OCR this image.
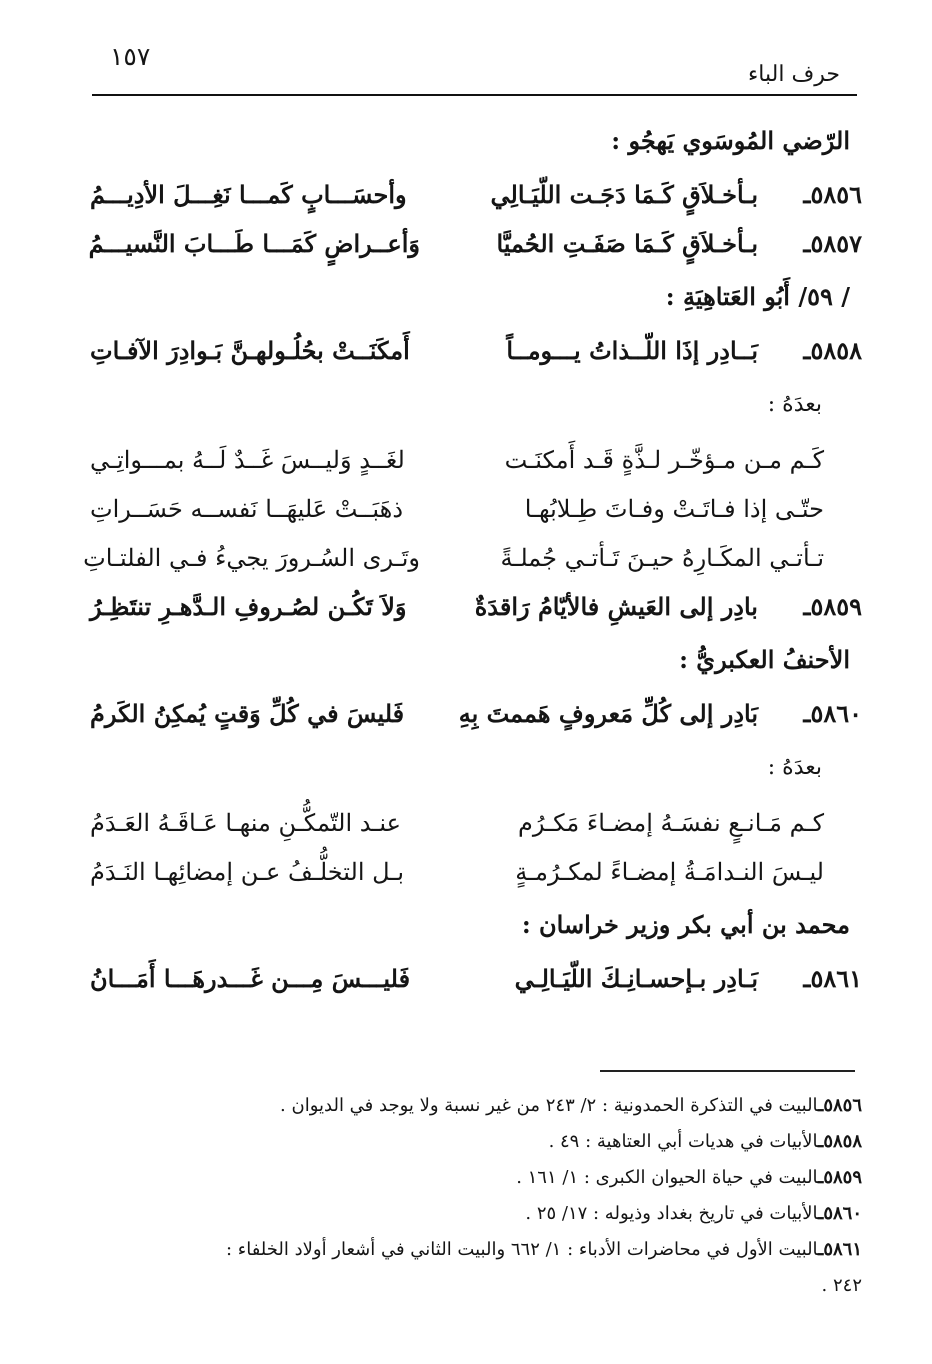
١٥٧
حرف الباء
الرّضي المُوسَوي يَهجُو :
٥٨٥٦ـ
بـأخـلاَقٍ كَـمَا دَجَـت اللّيَـالِي
وأحسَـــابٍ كَمـــا نَغِـــلَ الأدِيـــمُ
٥٨٥٧ـ
بـأخـلاَقٍ كَـمَا صَفَـتِ الحُميَّا
وَأعــراضٍ كَمَـــا طَـــابَ النَّسيـــمُ
/ ٥٩/ أَبُو العَتاهِيَةِ :
٥٨٥٨ـ
بَــادِر إذَا اللّــذاتُ يـــومــاً
أَمكَنَــتْ بحُلُـولهـنَّ بَـوادِرَ الآفـاتِ
بعدَهُ :
كَـم مـن مـؤخّـر لـذَّةٍ قَـد أَمكنَـت
لغَــدٍ وَليــسَ غَــدٌ لَــهُ بمـــواتِـي
حتّـى إذا فـاتَـتْ وفـاتَ طِـلابُهـا
ذهَبَــتْ عَليهَــا نَفســه حَسَــراتِ
تـأتـي المكَـارِهُ حيـنَ تَـأتـي جُملـةً
وتَـرى السُـرورَ يجيءُ فـي الفلتـاتِ
٥٨٥٩ـ
بادِر إلى العَيشِ فالأيّامُ رَاقدَةٌ
وَلاَ تَكُـن لصُـروفِ الـدَّهـرِ تنتَظِـرُ
الأحنفُ العكبريُّ :
٥٨٦٠ـ
بَادِر إلى كُلِّ مَعروفٍ هَممتَ بِهِ
فَليسَ في كُلِّ وَقتٍ يُمكِنُ الكَرمُ
بعدَهُ :
كـم مَـانـعٍ نفسَـهُ إمضـاءَ مَكـرُم
عنـد التّمكُّـنِ منهـا عَـاقَـهُ العَـدَمُ
ليـسَ النـدامَـةُ إمضـاءً لمكـرُمـةٍ
بـل التخلُّـفُ عـن إمضائِهـا النَـدَمُ
محمد بن أبي بكر وزير خراسان :
٥٨٦١ـ
بَـادِر بـإحسـانِـكَ اللّيَـالِـي
فَليـــسَ مِـــن غَـــدرهَـــا أَمَـــانُ
٥٨٥٦ـالبيت في التذكرة الحمدونية : ٢/ ٢٤٣ من غير نسبة ولا يوجد في الديوان .
٥٨٥٨ـالأبيات في هديات أبي العتاهية : ٤٩ .
٥٨٥٩ـالبيت في حياة الحيوان الكبرى : ١/ ١٦١ .
٥٨٦٠ـالأبيات في تاريخ بغداد وذيوله : ١٧/ ٢٥ .
٥٨٦١ـالبيت الأول في محاضرات الأدباء : ١/ ٦٦٢ والبيت الثاني في أشعار أولاد الخلفاء :
٢٤٢ .
